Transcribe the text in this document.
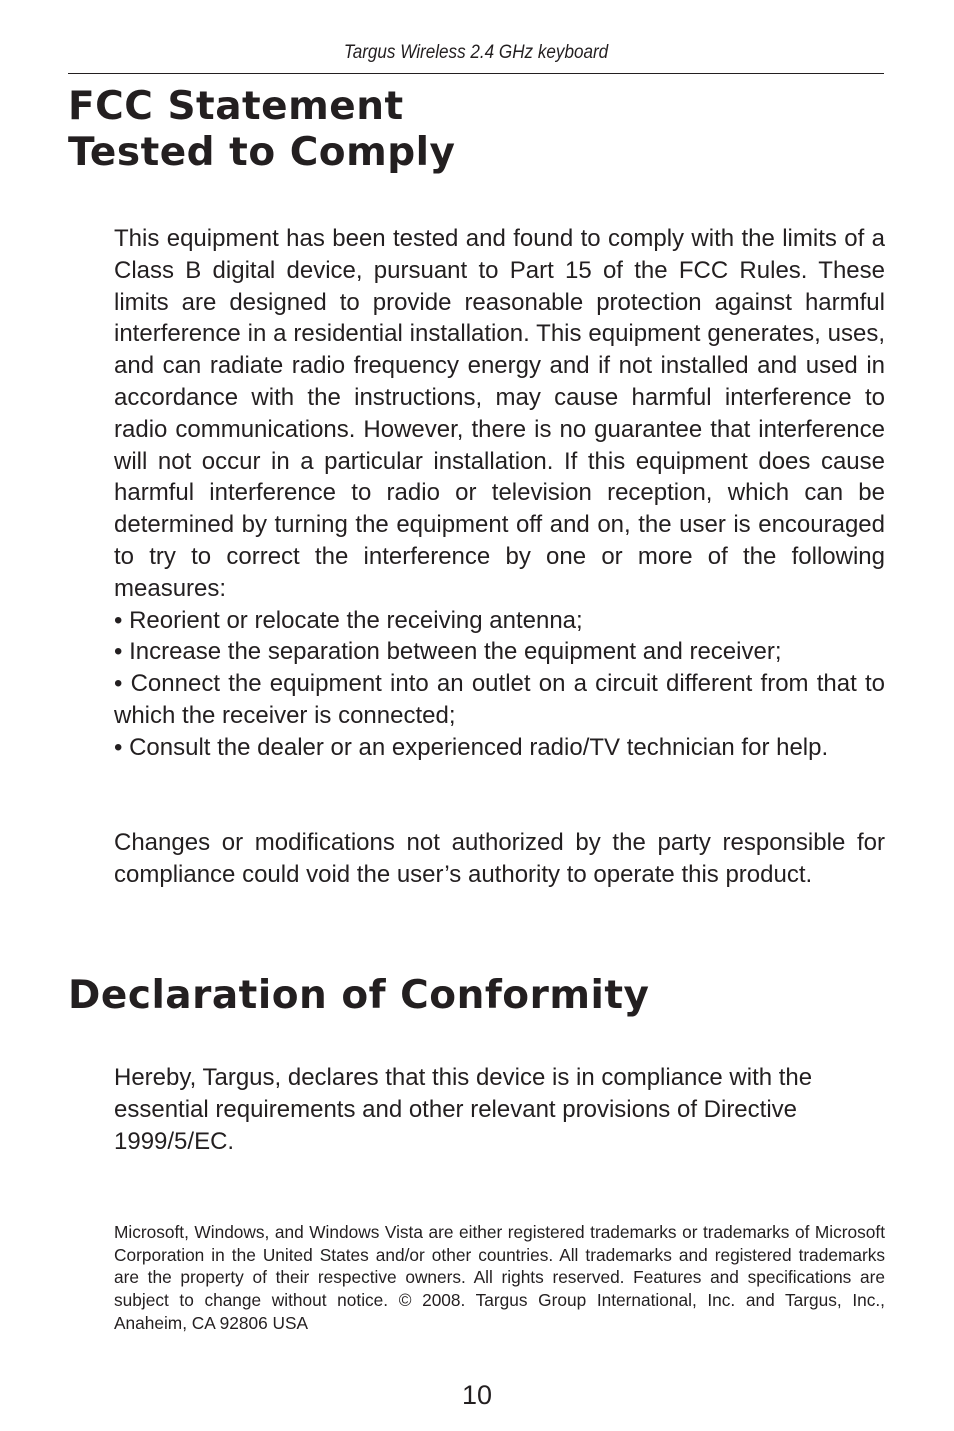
Targus Wireless 2.4 GHz keyboard
FCC Statement
Tested to Comply
This equipment has been tested and found to comply with the limits of a Class B digital device, pursuant to Part 15 of the FCC Rules. These limits are designed to provide reasonable protection against harmful interference in a residential installation. This equipment generates, uses, and can radiate radio frequency energy and if not installed and used in accordance with the instructions, may cause harmful interference to radio communications. However, there is no guarantee that interference will not occur in a particular installation. If this equipment does cause harmful interference to radio or television reception, which can be determined by turning the equipment off and on, the user is encouraged to try to correct the interference by one or more of the following measures:
• Reorient or relocate the receiving antenna;
• Increase the separation between the equipment and receiver;
• Connect the equipment into an outlet on a circuit different from that to which the receiver is connected;
• Consult the dealer or an experienced radio/TV technician for help.

Changes or modifications not authorized by the party responsible for compliance could void the user’s authority to operate this product.

Declaration of Conformity
Hereby, Targus, declares that this device is in compliance with the
essential requirements and other relevant provisions of Directive
1999/5/EC.

Microsoft, Windows, and Windows Vista are either registered trademarks or trademarks of Microsoft Corporation in the United States and/or other countries. All trademarks and registered trademarks are the property of their respective owners. All rights reserved. Features and specifications are subject to change without notice. © 2008. Targus Group International, Inc. and Targus, Inc., Anaheim, CA 92806 USA

10
